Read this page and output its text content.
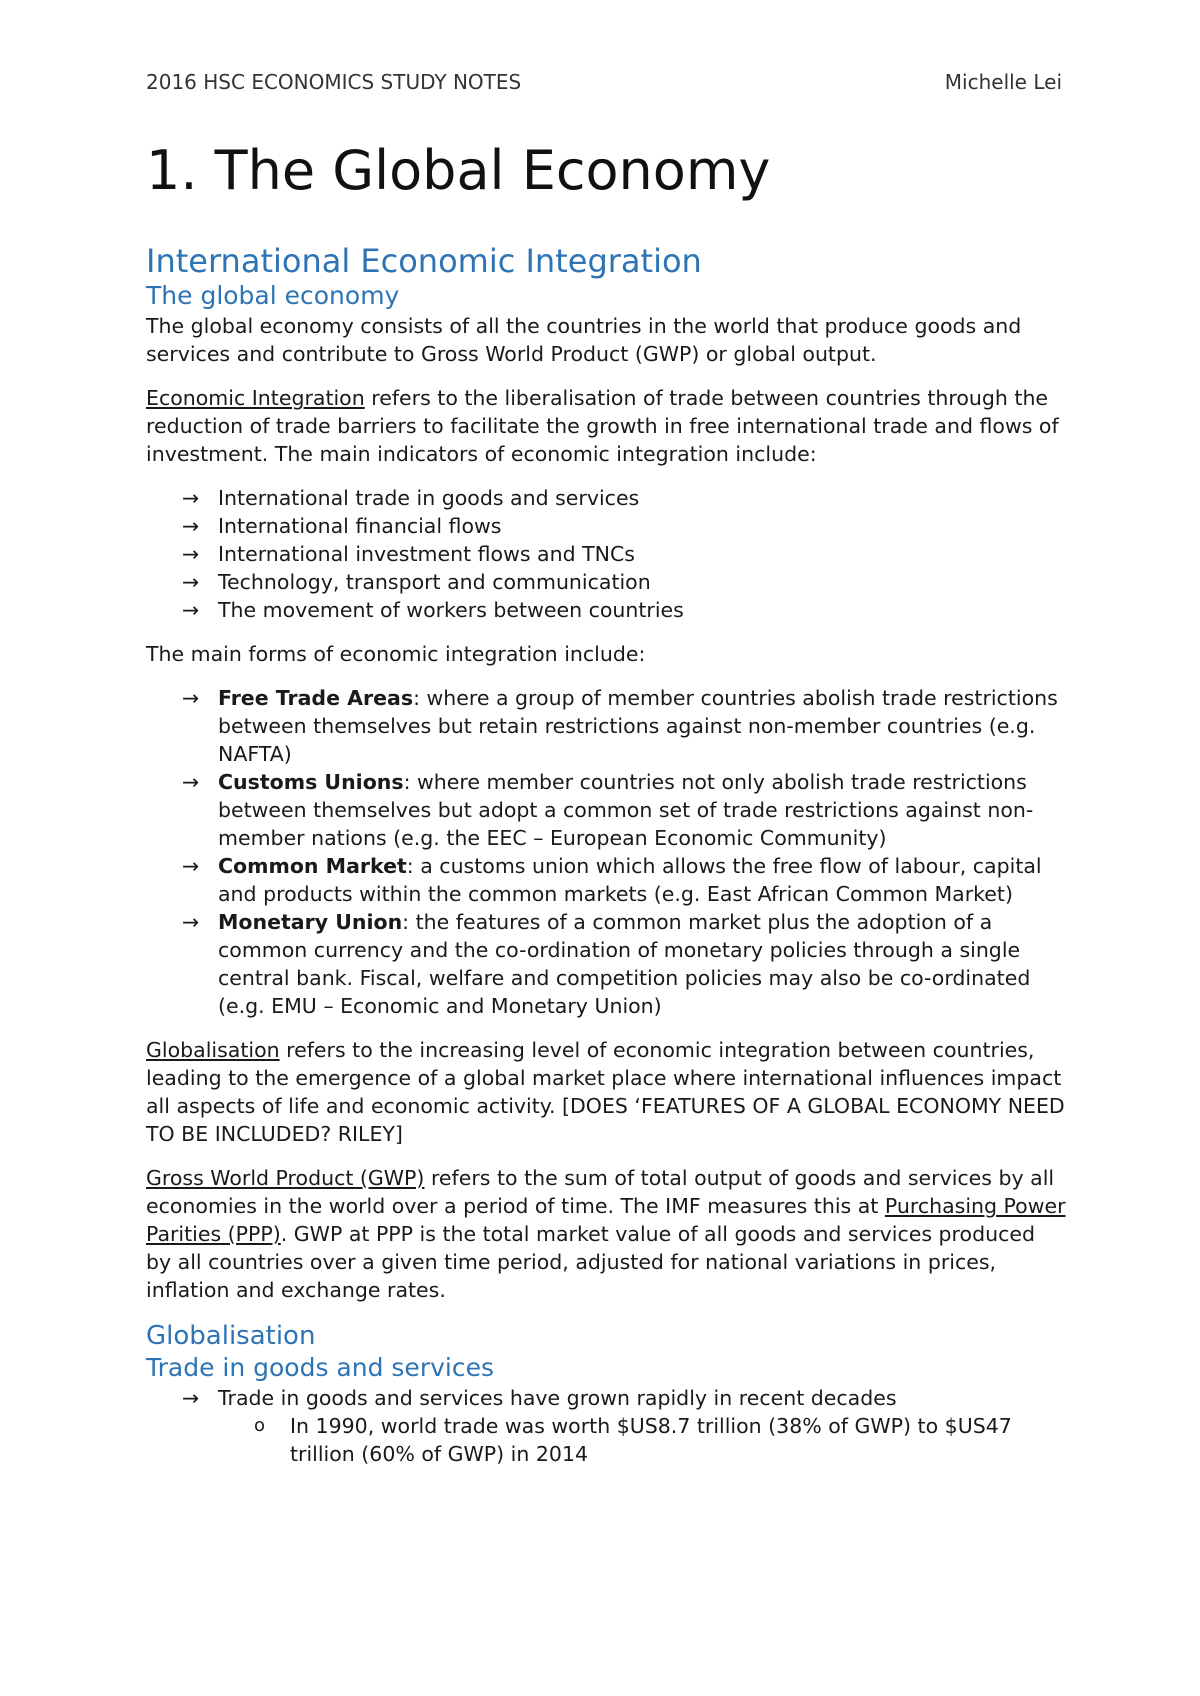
2016 HSC ECONOMICS STUDY NOTES	Michelle Lei
1. The Global Economy
International Economic Integration
The global economy

The global economy consists of all the countries in the world that produce goods and services and contribute to Gross World Product (GWP) or global output.

Economic Integration refers to the liberalisation of trade between countries through the reduction of trade barriers to facilitate the growth in free international trade and flows of investment. The main indicators of economic integration include:

→ International trade in goods and services
→ International financial flows
→ International investment flows and TNCs
→ Technology, transport and communication
→ The movement of workers between countries

The main forms of economic integration include:

→ Free Trade Areas: where a group of member countries abolish trade restrictions between themselves but retain restrictions against non-member countries (e.g. NAFTA)
→ Customs Unions: where member countries not only abolish trade restrictions between themselves but adopt a common set of trade restrictions against non-member nations (e.g. the EEC – European Economic Community)
→ Common Market: a customs union which allows the free flow of labour, capital and products within the common markets (e.g. East African Common Market)
→ Monetary Union: the features of a common market plus the adoption of a common currency and the co-ordination of monetary policies through a single central bank. Fiscal, welfare and competition policies may also be co-ordinated (e.g. EMU – Economic and Monetary Union)

Globalisation refers to the increasing level of economic integration between countries, leading to the emergence of a global market place where international influences impact all aspects of life and economic activity. [DOES ‘FEATURES OF A GLOBAL ECONOMY NEED TO BE INCLUDED? RILEY]

Gross World Product (GWP) refers to the sum of total output of goods and services by all economies in the world over a period of time. The IMF measures this at Purchasing Power Parities (PPP). GWP at PPP is the total market value of all goods and services produced by all countries over a given time period, adjusted for national variations in prices, inflation and exchange rates.

Globalisation
Trade in goods and services
→ Trade in goods and services have grown rapidly in recent decades
o In 1990, world trade was worth $US8.7 trillion (38% of GWP) to $US47 trillion (60% of GWP) in 2014
